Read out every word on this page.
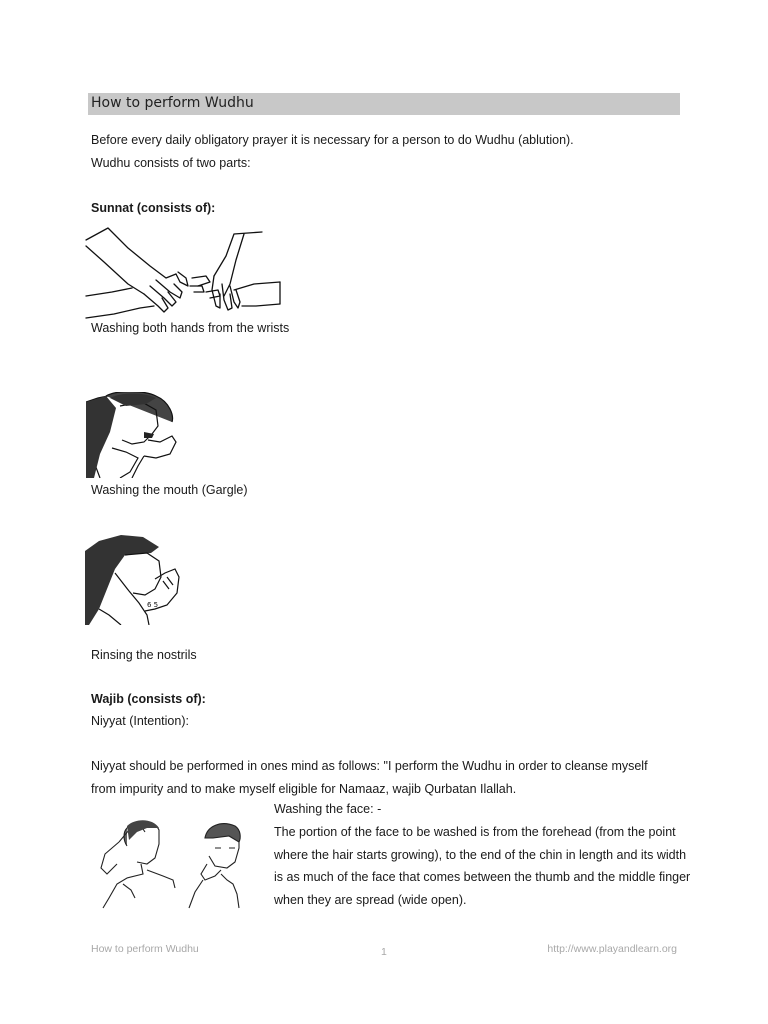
How to perform Wudhu
Before every daily obligatory prayer it is necessary for a person to do Wudhu (ablution).
Wudhu consists of two parts:
Sunnat (consists of):
Washing both hands from the wrists
Washing the mouth (Gargle)
6 5
Rinsing the nostrils
Wajib (consists of):
Niyyat (Intention):
Niyyat should be performed in ones mind as follows: "I perform the Wudhu in order to cleanse myself
from impurity and to make myself eligible for Namaaz, wajib Qurbatan Ilallah.
Washing the face: -
The portion of the face to be washed is from the forehead (from the point where the hair starts growing), to the end of the chin in length and its width is as much of the face that comes between the thumb and the middle finger when they are spread (wide open).
How to perform Wudhu	1	http://www.playandlearn.org
